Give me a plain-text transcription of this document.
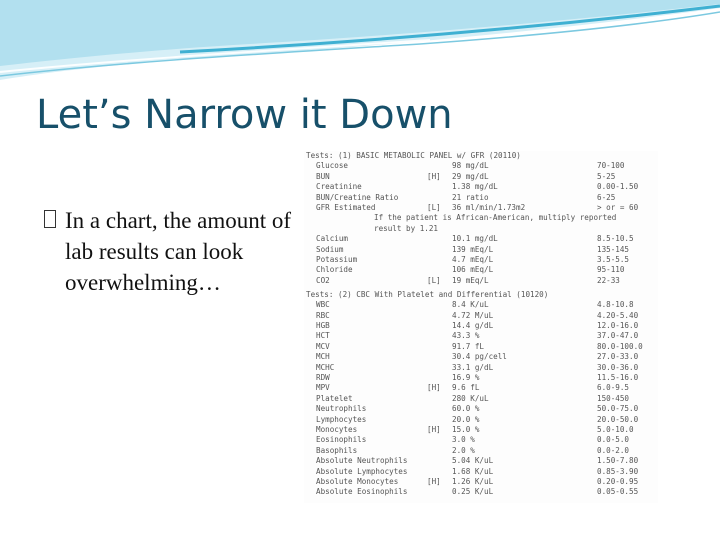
Let’s Narrow it Down
In a chart, the amount of lab results can look overwhelming…
Tests: (1) BASIC METABOLIC PANEL w/ GFR (20110)
Glucose	98 mg/dL	70-100
BUN	[H] 29 mg/dL	5-25
Creatinine	1.38 mg/dL	0.00-1.50
BUN/Creatine Ratio	21 ratio	6-25
GFR Estimated	[L] 36 ml/min/1.73m2	> or = 60
If the patient is African-American, multiply reported
result by 1.21
Calcium	10.1 mg/dL	8.5-10.5
Sodium	139 mEq/L	135-145
Potassium	4.7 mEq/L	3.5-5.5
Chloride	106 mEq/L	95-110
CO2	[L] 19 mEq/L	22-33
Tests: (2) CBC With Platelet and Differential (10120)
WBC	8.4 K/uL	4.8-10.8
RBC	4.72 M/uL	4.20-5.40
HGB	14.4 g/dL	12.0-16.0
HCT	43.3 %	37.0-47.0
MCV	91.7 fL	80.0-100.0
MCH	30.4 pg/cell	27.0-33.0
MCHC	33.1 g/dL	30.0-36.0
RDW	16.9 %	11.5-16.0
MPV	[H] 9.6 fL	6.0-9.5
Platelet	280 K/uL	150-450
Neutrophils	60.0 %	50.0-75.0
Lymphocytes	20.0 %	20.0-50.0
Monocytes	[H] 15.0 %	5.0-10.0
Eosinophils	3.0 %	0.0-5.0
Basophils	2.0 %	0.0-2.0
Absolute Neutrophils	5.04 K/uL	1.50-7.80
Absolute Lymphocytes	1.68 K/uL	0.85-3.90
Absolute Monocytes	[H] 1.26 K/uL	0.20-0.95
Absolute Eosinophils	0.25 K/uL	0.05-0.55
